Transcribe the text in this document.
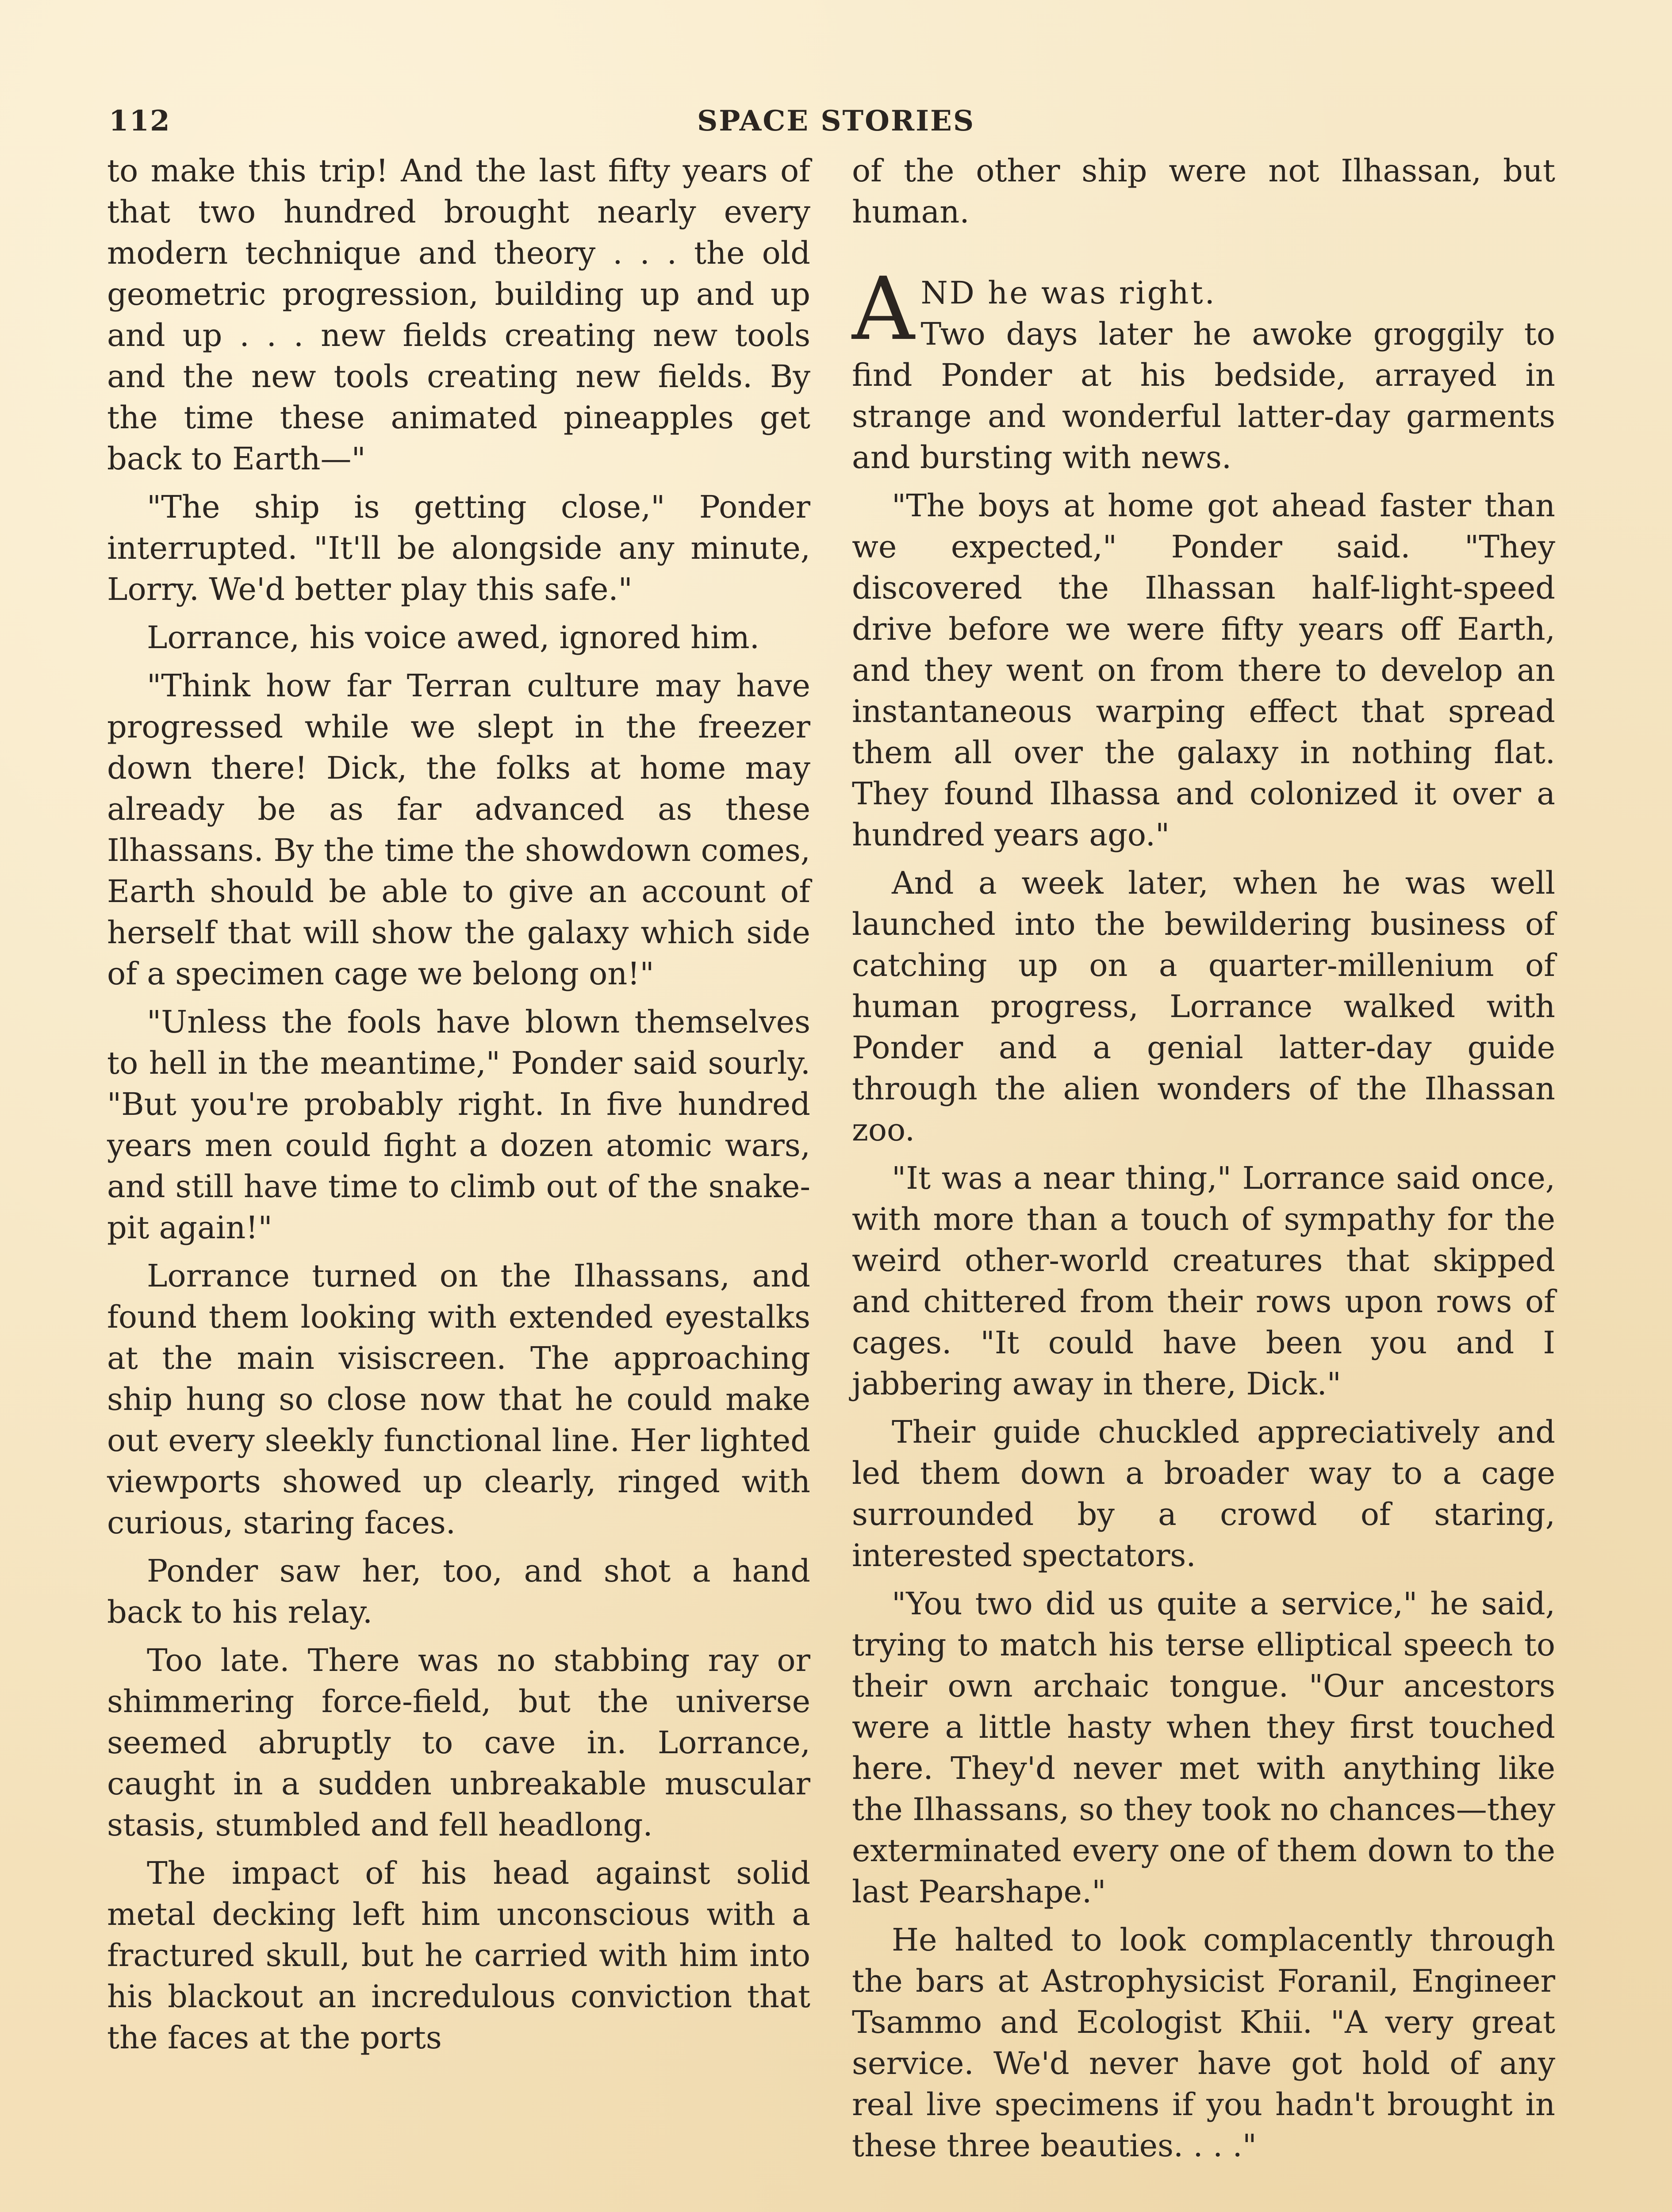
112	SPACE STORIES

to make this trip! And the last fifty years of that two hundred brought nearly every modern technique and theory . . . the old geometric progression, building up and up and up . . . new fields creating new tools and the new tools creating new fields. By the time these animated pineapples get back to Earth—"

"The ship is getting close," Ponder interrupted. "It'll be alongside any minute, Lorry. We'd better play this safe."

Lorrance, his voice awed, ignored him.

"Think how far Terran culture may have progressed while we slept in the freezer down there! Dick, the folks at home may already be as far advanced as these Ilhassans. By the time the showdown comes, Earth should be able to give an account of herself that will show the galaxy which side of a specimen cage we belong on!"

"Unless the fools have blown themselves to hell in the meantime," Ponder said sourly. "But you're probably right. In five hundred years men could fight a dozen atomic wars, and still have time to climb out of the snake-pit again!"

Lorrance turned on the Ilhassans, and found them looking with extended eyestalks at the main visiscreen. The approaching ship hung so close now that he could make out every sleekly functional line. Her lighted viewports showed up clearly, ringed with curious, staring faces.

Ponder saw her, too, and shot a hand back to his relay.

Too late. There was no stabbing ray or shimmering force-field, but the universe seemed abruptly to cave in. Lorrance, caught in a sudden unbreakable muscular stasis, stumbled and fell headlong.

The impact of his head against solid metal decking left him unconscious with a fractured skull, but he carried with him into his blackout an incredulous conviction that the faces at the ports

of the other ship were not Ilhassan, but human.

AND he was right.
Two days later he awoke groggily to find Ponder at his bedside, arrayed in strange and wonderful latter-day garments and bursting with news.

"The boys at home got ahead faster than we expected," Ponder said. "They discovered the Ilhassan half-light-speed drive before we were fifty years off Earth, and they went on from there to develop an instantaneous warping effect that spread them all over the galaxy in nothing flat. They found Ilhassa and colonized it over a hundred years ago."

And a week later, when he was well launched into the bewildering business of catching up on a quarter-millenium of human progress, Lorrance walked with Ponder and a genial latter-day guide through the alien wonders of the Ilhassan zoo.

"It was a near thing," Lorrance said once, with more than a touch of sympathy for the weird other-world creatures that skipped and chittered from their rows upon rows of cages. "It could have been you and I jabbering away in there, Dick."

Their guide chuckled appreciatively and led them down a broader way to a cage surrounded by a crowd of staring, interested spectators.

"You two did us quite a service," he said, trying to match his terse elliptical speech to their own archaic tongue. "Our ancestors were a little hasty when they first touched here. They'd never met with anything like the Ilhassans, so they took no chances—they exterminated every one of them down to the last Pearshape."

He halted to look complacently through the bars at Astrophysicist Foranil, Engineer Tsammo and Ecologist Khii. "A very great service. We'd never have got hold of any real live specimens if you hadn't brought in these three beauties. . . ."
